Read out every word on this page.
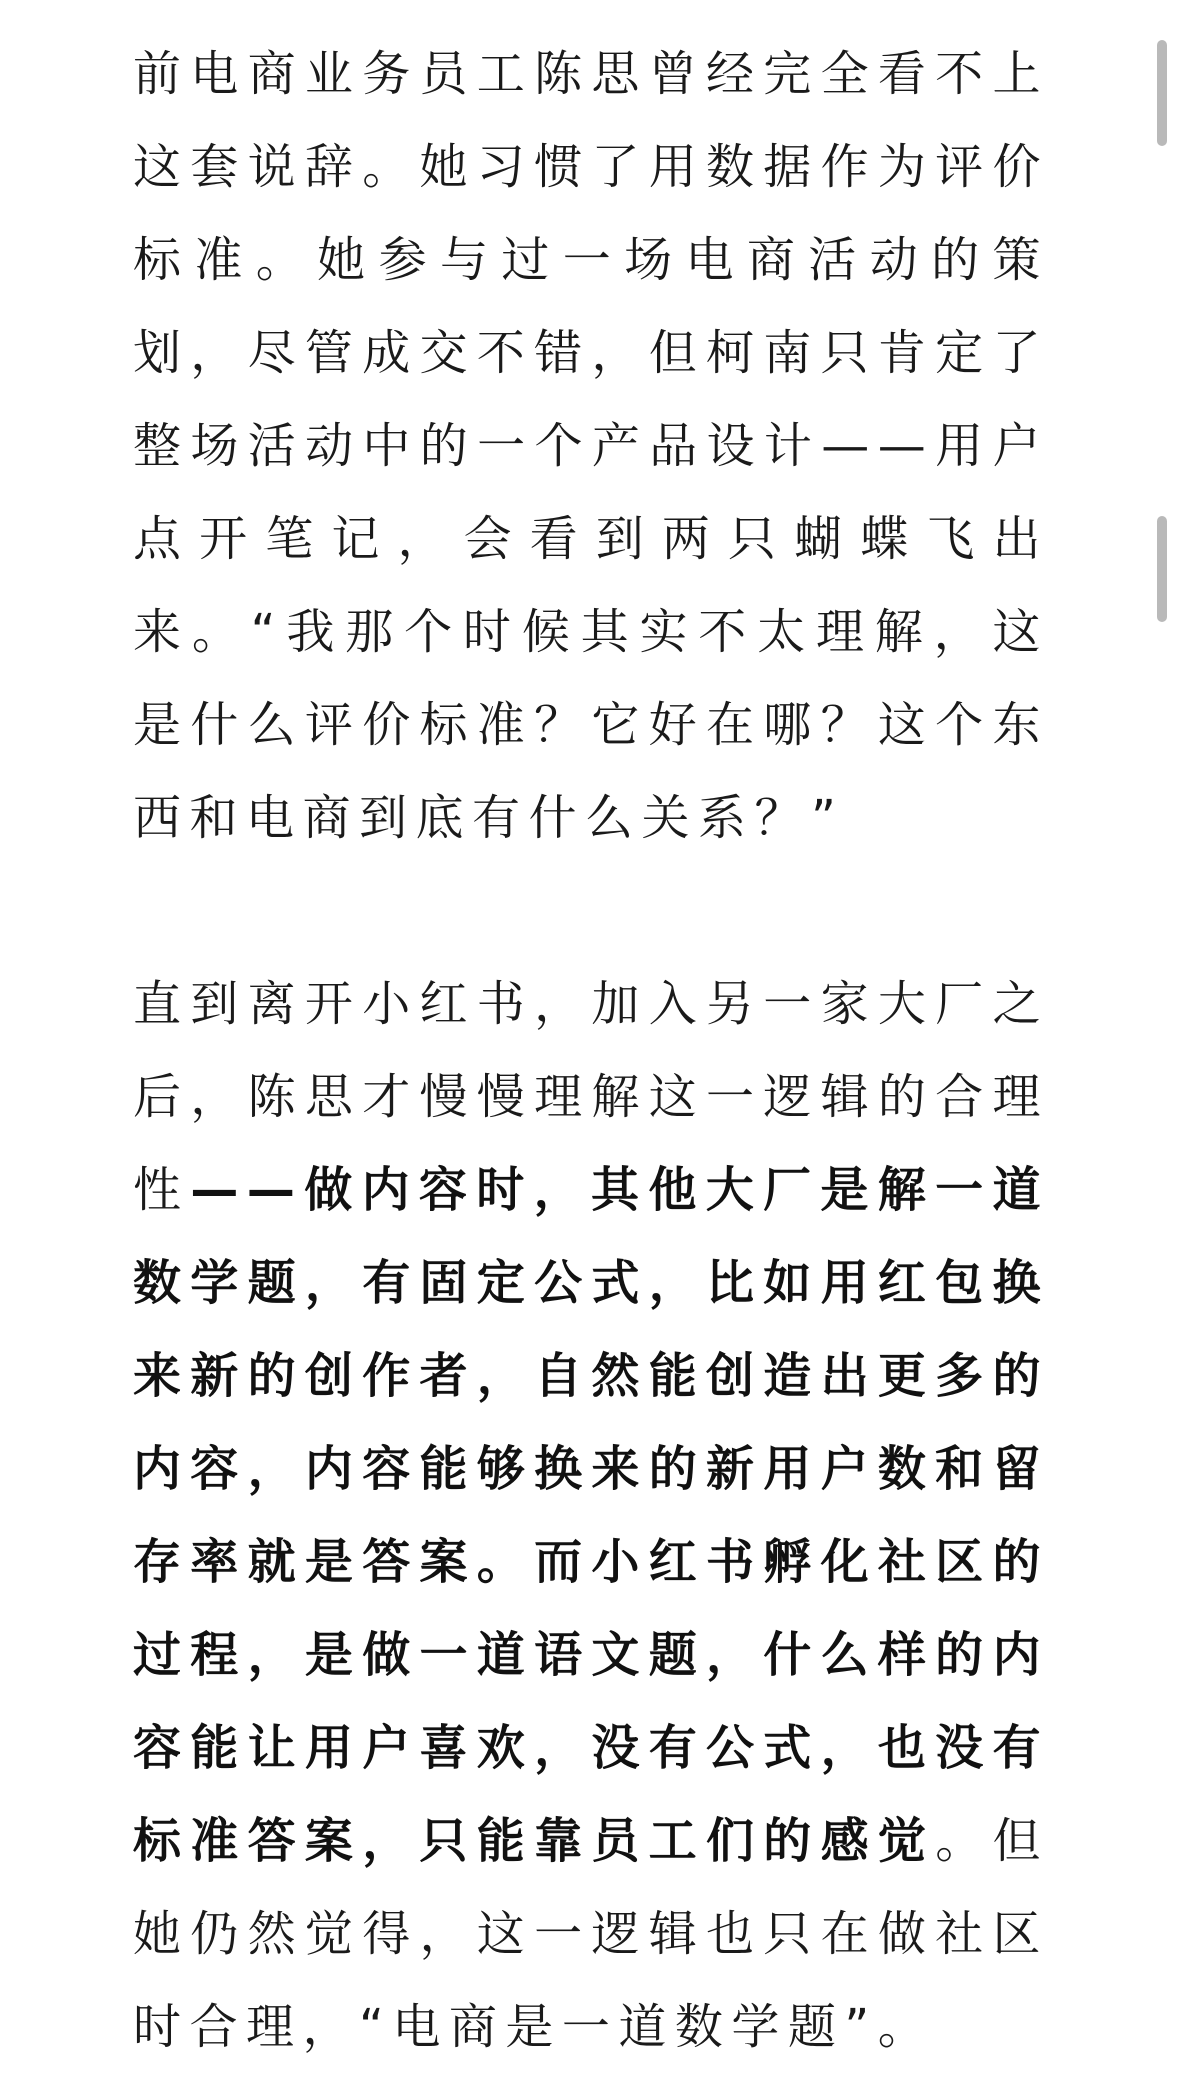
前电商业务员工陈思曾经完全看不上这套说辞。她习惯了用数据作为评价标准。她参与过一场电商活动的策划，尽管成交不错，但柯南只肯定了整场活动中的一个产品设计——用户点开笔记，会看到两只蝴蝶飞出来。“我那个时候其实不太理解，这是什么评价标准？它好在哪？这个东西和电商到底有什么关系？”

直到离开小红书，加入另一家大厂之后，陈思才慢慢理解这一逻辑的合理性——做内容时，其他大厂是解一道数学题，有固定公式，比如用红包换来新的创作者，自然能创造出更多的内容，内容能够换来的新用户数和留存率就是答案。而小红书孵化社区的过程，是做一道语文题，什么样的内容能让用户喜欢，没有公式，也没有标准答案，只能靠员工们的感觉。但她仍然觉得，这一逻辑也只在做社区时合理，“电商是一道数学题”。
